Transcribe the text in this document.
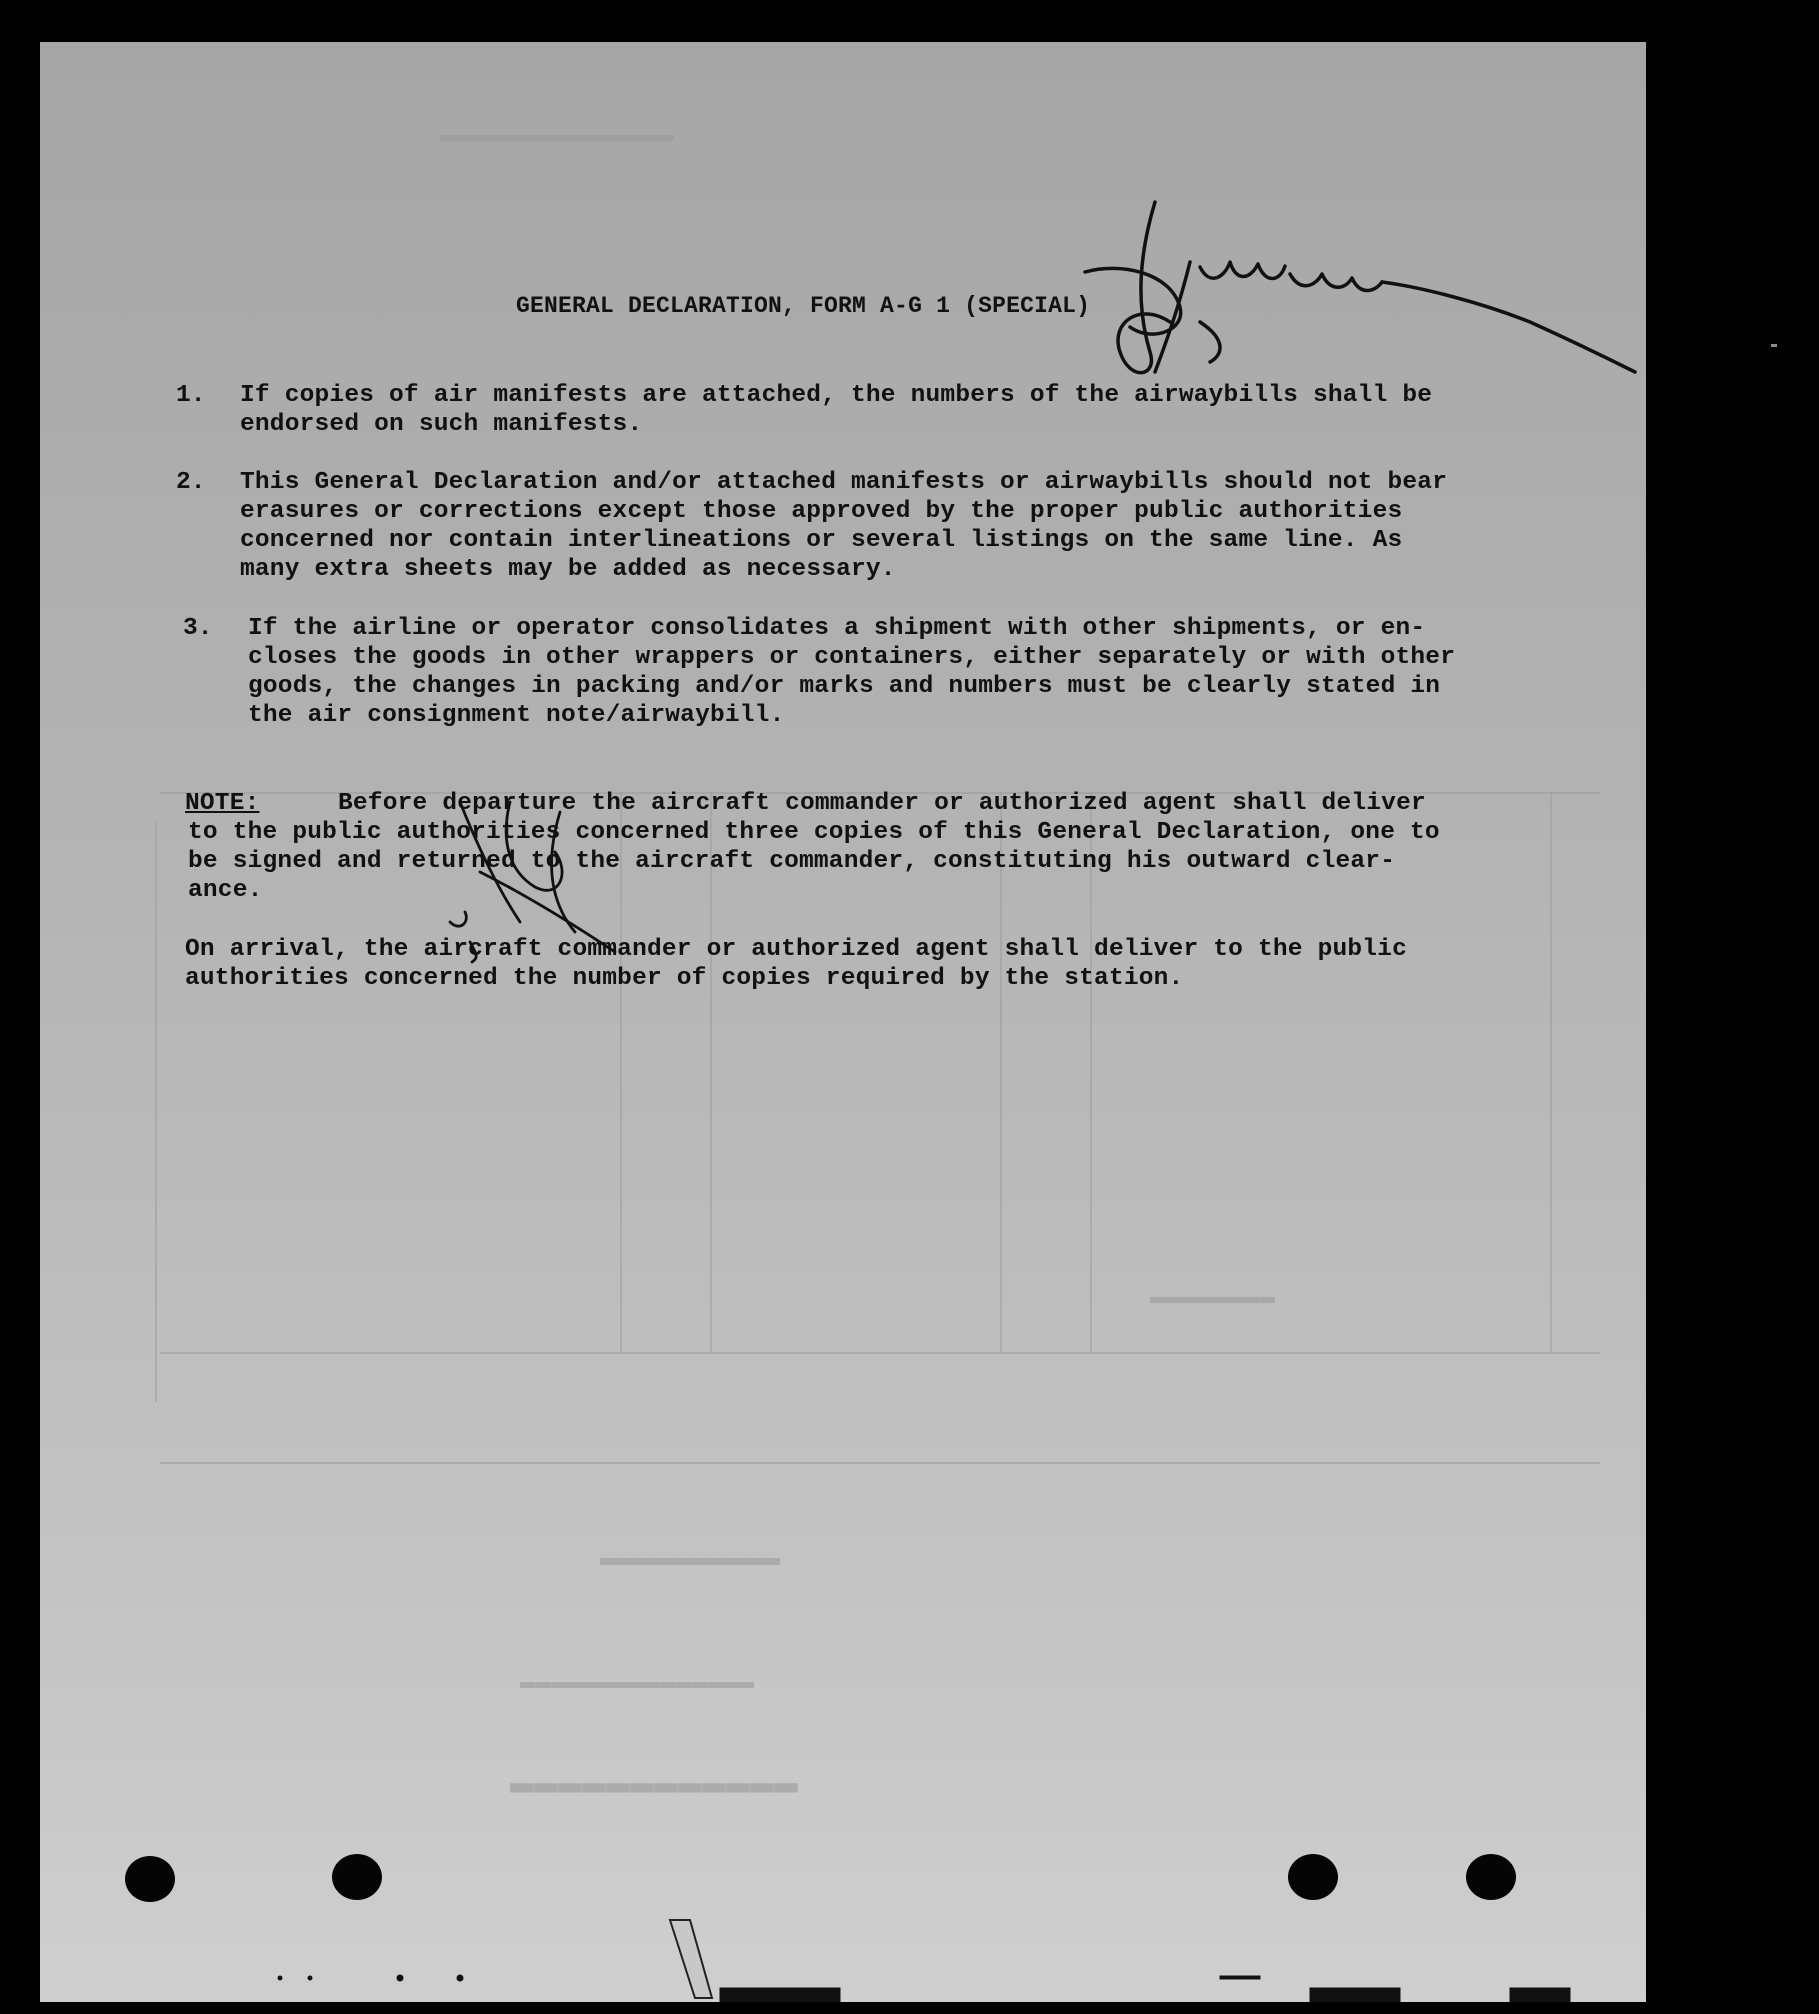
▬▬▬▬▬▬▬▬▬▬▬▬▬▬▬
▬▬▬▬▬▬▬▬
▬▬▬▬▬▬▬▬▬▬
▬▬▬▬▬▬▬▬▬▬▬▬▬▬▬
▬▬▬▬▬▬▬▬▬▬▬▬
GENERAL DECLARATION, FORM A-G 1 (SPECIAL)
1. If copies of air manifests are attached, the numbers of the airwaybills shall be
endorsed on such manifests.
2. This General Declaration and/or attached manifests or airwaybills should not bear
erasures or corrections except those approved by the proper public authorities
concerned nor contain interlineations or several listings on the same line. As
many extra sheets may be added as necessary.
3. If the airline or operator consolidates a shipment with other shipments, or en-
closes the goods in other wrappers or containers, either separately or with other
goods, the changes in packing and/or marks and numbers must be clearly stated in
the air consignment note/airwaybill.
NOTE:	Before departure the aircraft commander or authorized agent shall deliver
to the public authorities concerned three copies of this General Declaration, one to
be signed and returned to the aircraft commander, constituting his outward clear-
ance.
On arrival, the aircraft commander or authorized agent shall deliver to the public
authorities concerned the number of copies required by the station.
